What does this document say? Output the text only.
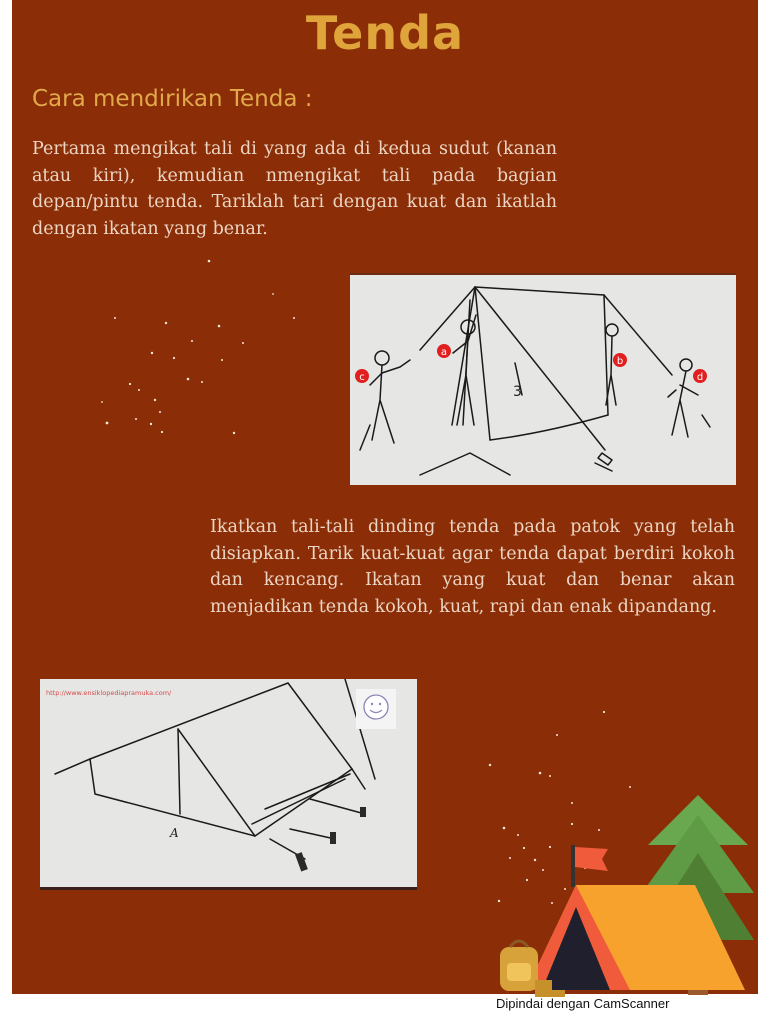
Tenda
Cara mendirikan Tenda :
Pertama mengikat tali di yang ada di kedua sudut (kanan atau kiri), kemudian nmengikat tali pada bagian depan/pintu tenda. Tariklah tari dengan kuat dan ikatlah dengan ikatan yang benar.
3
a
b
c	d
Ikatkan tali-tali dinding tenda pada patok yang telah disiapkan. Tarik kuat-kuat agar tenda dapat berdiri kokoh dan kencang. Ikatan yang kuat dan benar akan menjadikan tenda kokoh, kuat, rapi dan enak dipandang.
A
http://www.ensiklopediapramuka.com/
Dipindai dengan CamScanner
